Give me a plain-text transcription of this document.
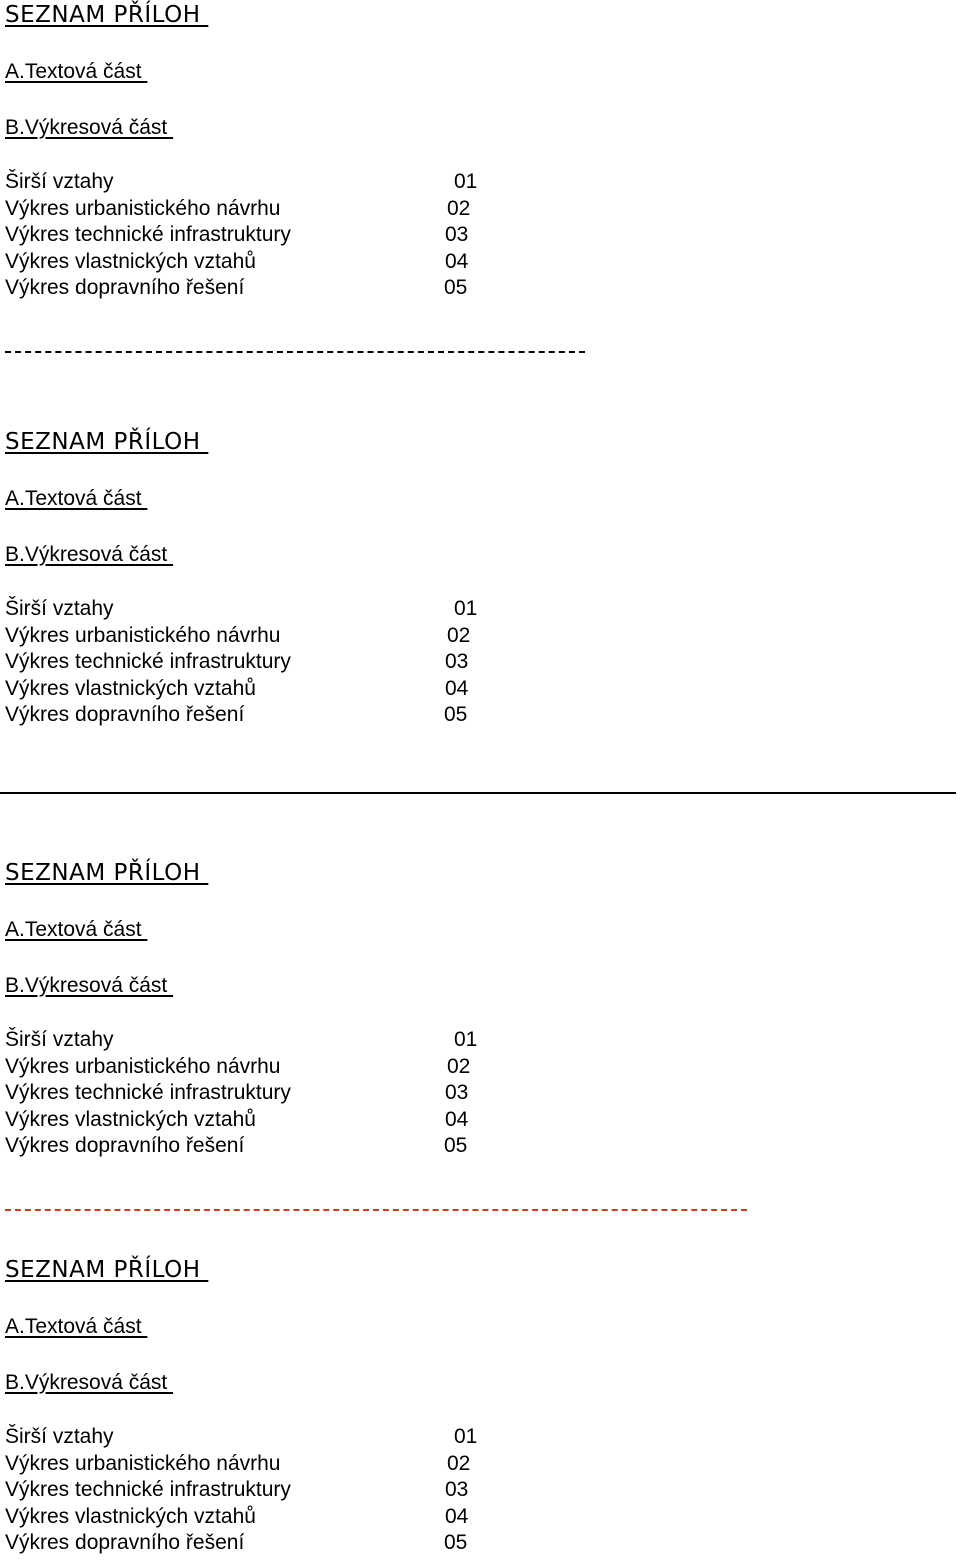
SEZNAM PŘÍLOH
A.Textová část
B.Výkresová část
Širší vztahy	01
Výkres urbanistického návrhu	02
Výkres technické infrastruktury	03
Výkres vlastnických vztahů	04
Výkres dopravního řešení	05
SEZNAM PŘÍLOH
A.Textová část
B.Výkresová část
Širší vztahy	01
Výkres urbanistického návrhu	02
Výkres technické infrastruktury	03
Výkres vlastnických vztahů	04
Výkres dopravního řešení	05
SEZNAM PŘÍLOH
A.Textová část
B.Výkresová část
Širší vztahy	01
Výkres urbanistického návrhu	02
Výkres technické infrastruktury	03
Výkres vlastnických vztahů	04
Výkres dopravního řešení	05
SEZNAM PŘÍLOH
A.Textová část
B.Výkresová část
Širší vztahy	01
Výkres urbanistického návrhu	02
Výkres technické infrastruktury	03
Výkres vlastnických vztahů	04
Výkres dopravního řešení	05
